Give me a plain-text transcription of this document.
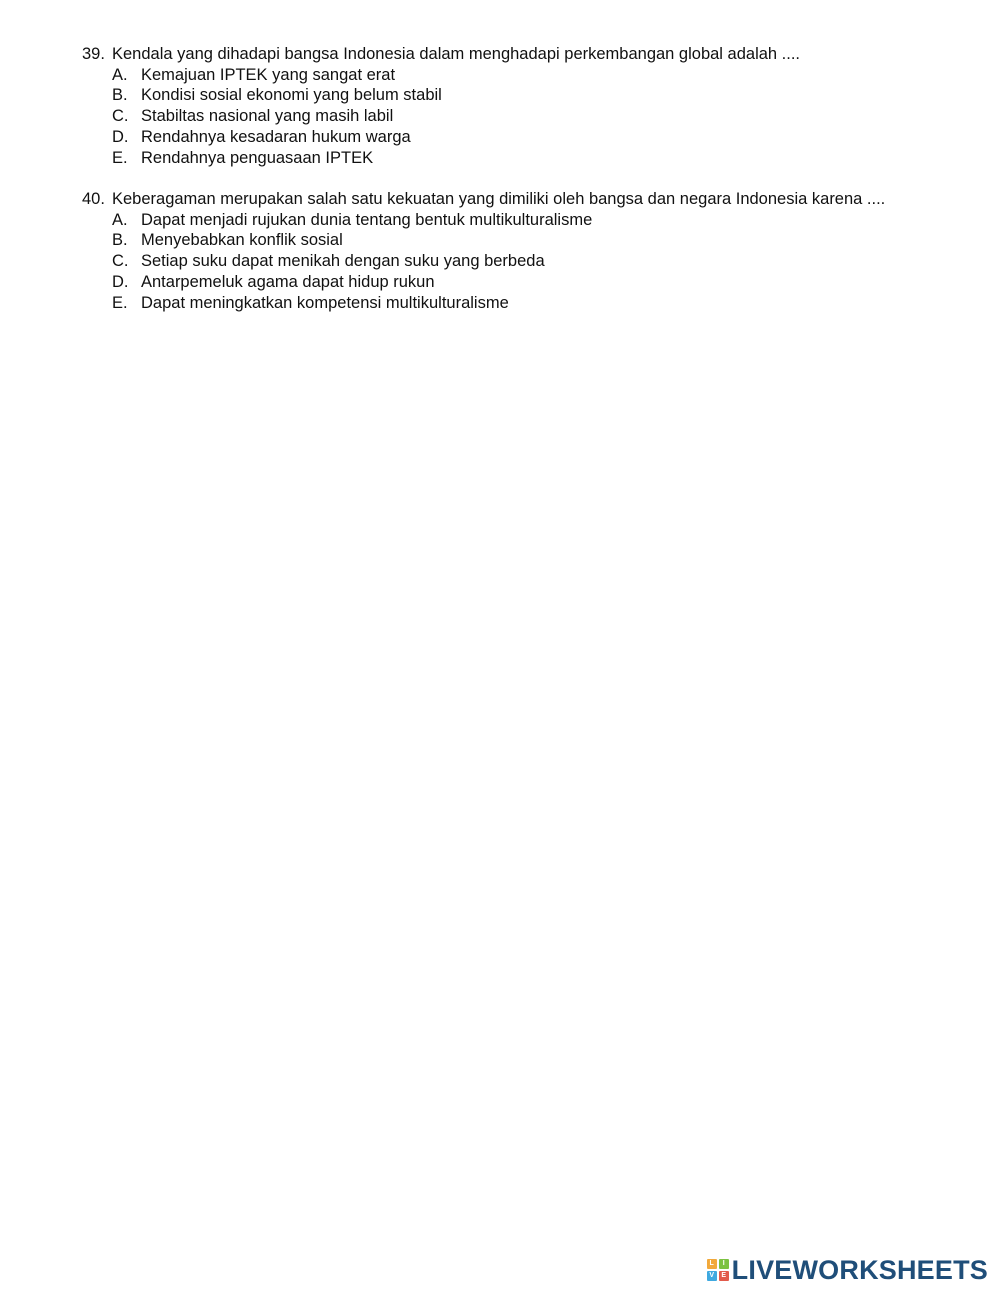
39. Kendala yang dihadapi bangsa Indonesia dalam menghadapi perkembangan global adalah ....
A. Kemajuan IPTEK yang sangat erat
B. Kondisi sosial ekonomi yang belum stabil
C. Stabiltas nasional yang masih labil
D. Rendahnya kesadaran hukum warga
E. Rendahnya penguasaan IPTEK
40. Keberagaman merupakan salah satu kekuatan yang dimiliki oleh bangsa dan negara Indonesia karena ....
A. Dapat menjadi rujukan dunia tentang bentuk multikulturalisme
B. Menyebabkan konflik sosial
C. Setiap suku dapat menikah dengan suku yang berbeda
D. Antarpemeluk agama dapat hidup rukun
E. Dapat meningkatkan kompetensi multikulturalisme
L	I
V	E LIVEWORKSHEETS
